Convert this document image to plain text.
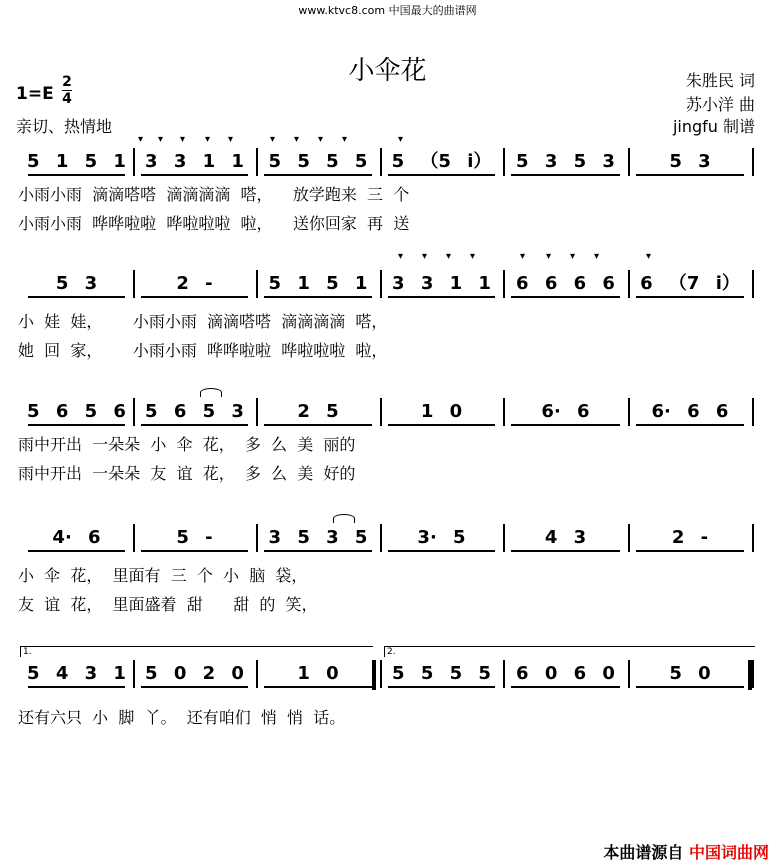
www.ktvc8.com 中国最大的曲谱网
小伞花
1=E
2
4
亲切、热情地
朱胜民 词
苏小洋 曲
jingfu 制谱
5 1 5 1	3 3 1 1	5 5 5 5	5 （5 i）	5 3 5 3	5 3
小雨小雨  滴滴嗒嗒  滴滴滴滴  嗒，    放学跑来  三  个
小雨小雨  哗哗啦啦  哗啦啦啦  啦，    送你回家  再  送
5 3	2 -	5 1 5 1	3 3 1 1	6 6 6 6	6 （7 i）
小  娃  娃，      小雨小雨  滴滴嗒嗒  滴滴滴滴  嗒，
她  回  家，      小雨小雨  哗哗啦啦  哗啦啦啦  啦，
5 6 5 6	5 6 5 3	2 5	1 0	6· 6	6· 6 6
雨中开出  一朵朵  小  伞  花，  多  么  美  丽的
雨中开出  一朵朵  友  谊  花，  多  么  美  好的
4· 6	5 -	3 5 3 5	3· 5	4 3	2 -
小  伞  花，  里面有  三  个  小  脑  袋，
友  谊  花，  里面盛着  甜      甜  的  笑，
5 4 3 1	5 0 2 0	1 0	5 5 5 5	6 0 6 0	5 0
还有六只  小  脚  丫。  还有咱们  悄  悄  话。
1.	2.
▾ ▾ ▾ ▾ ▾	▾ ▾ ▾ ▾	▾
▾ ▾ ▾ ▾	▾ ▾ ▾ ▾	▾
本曲谱源自 中国词曲网
